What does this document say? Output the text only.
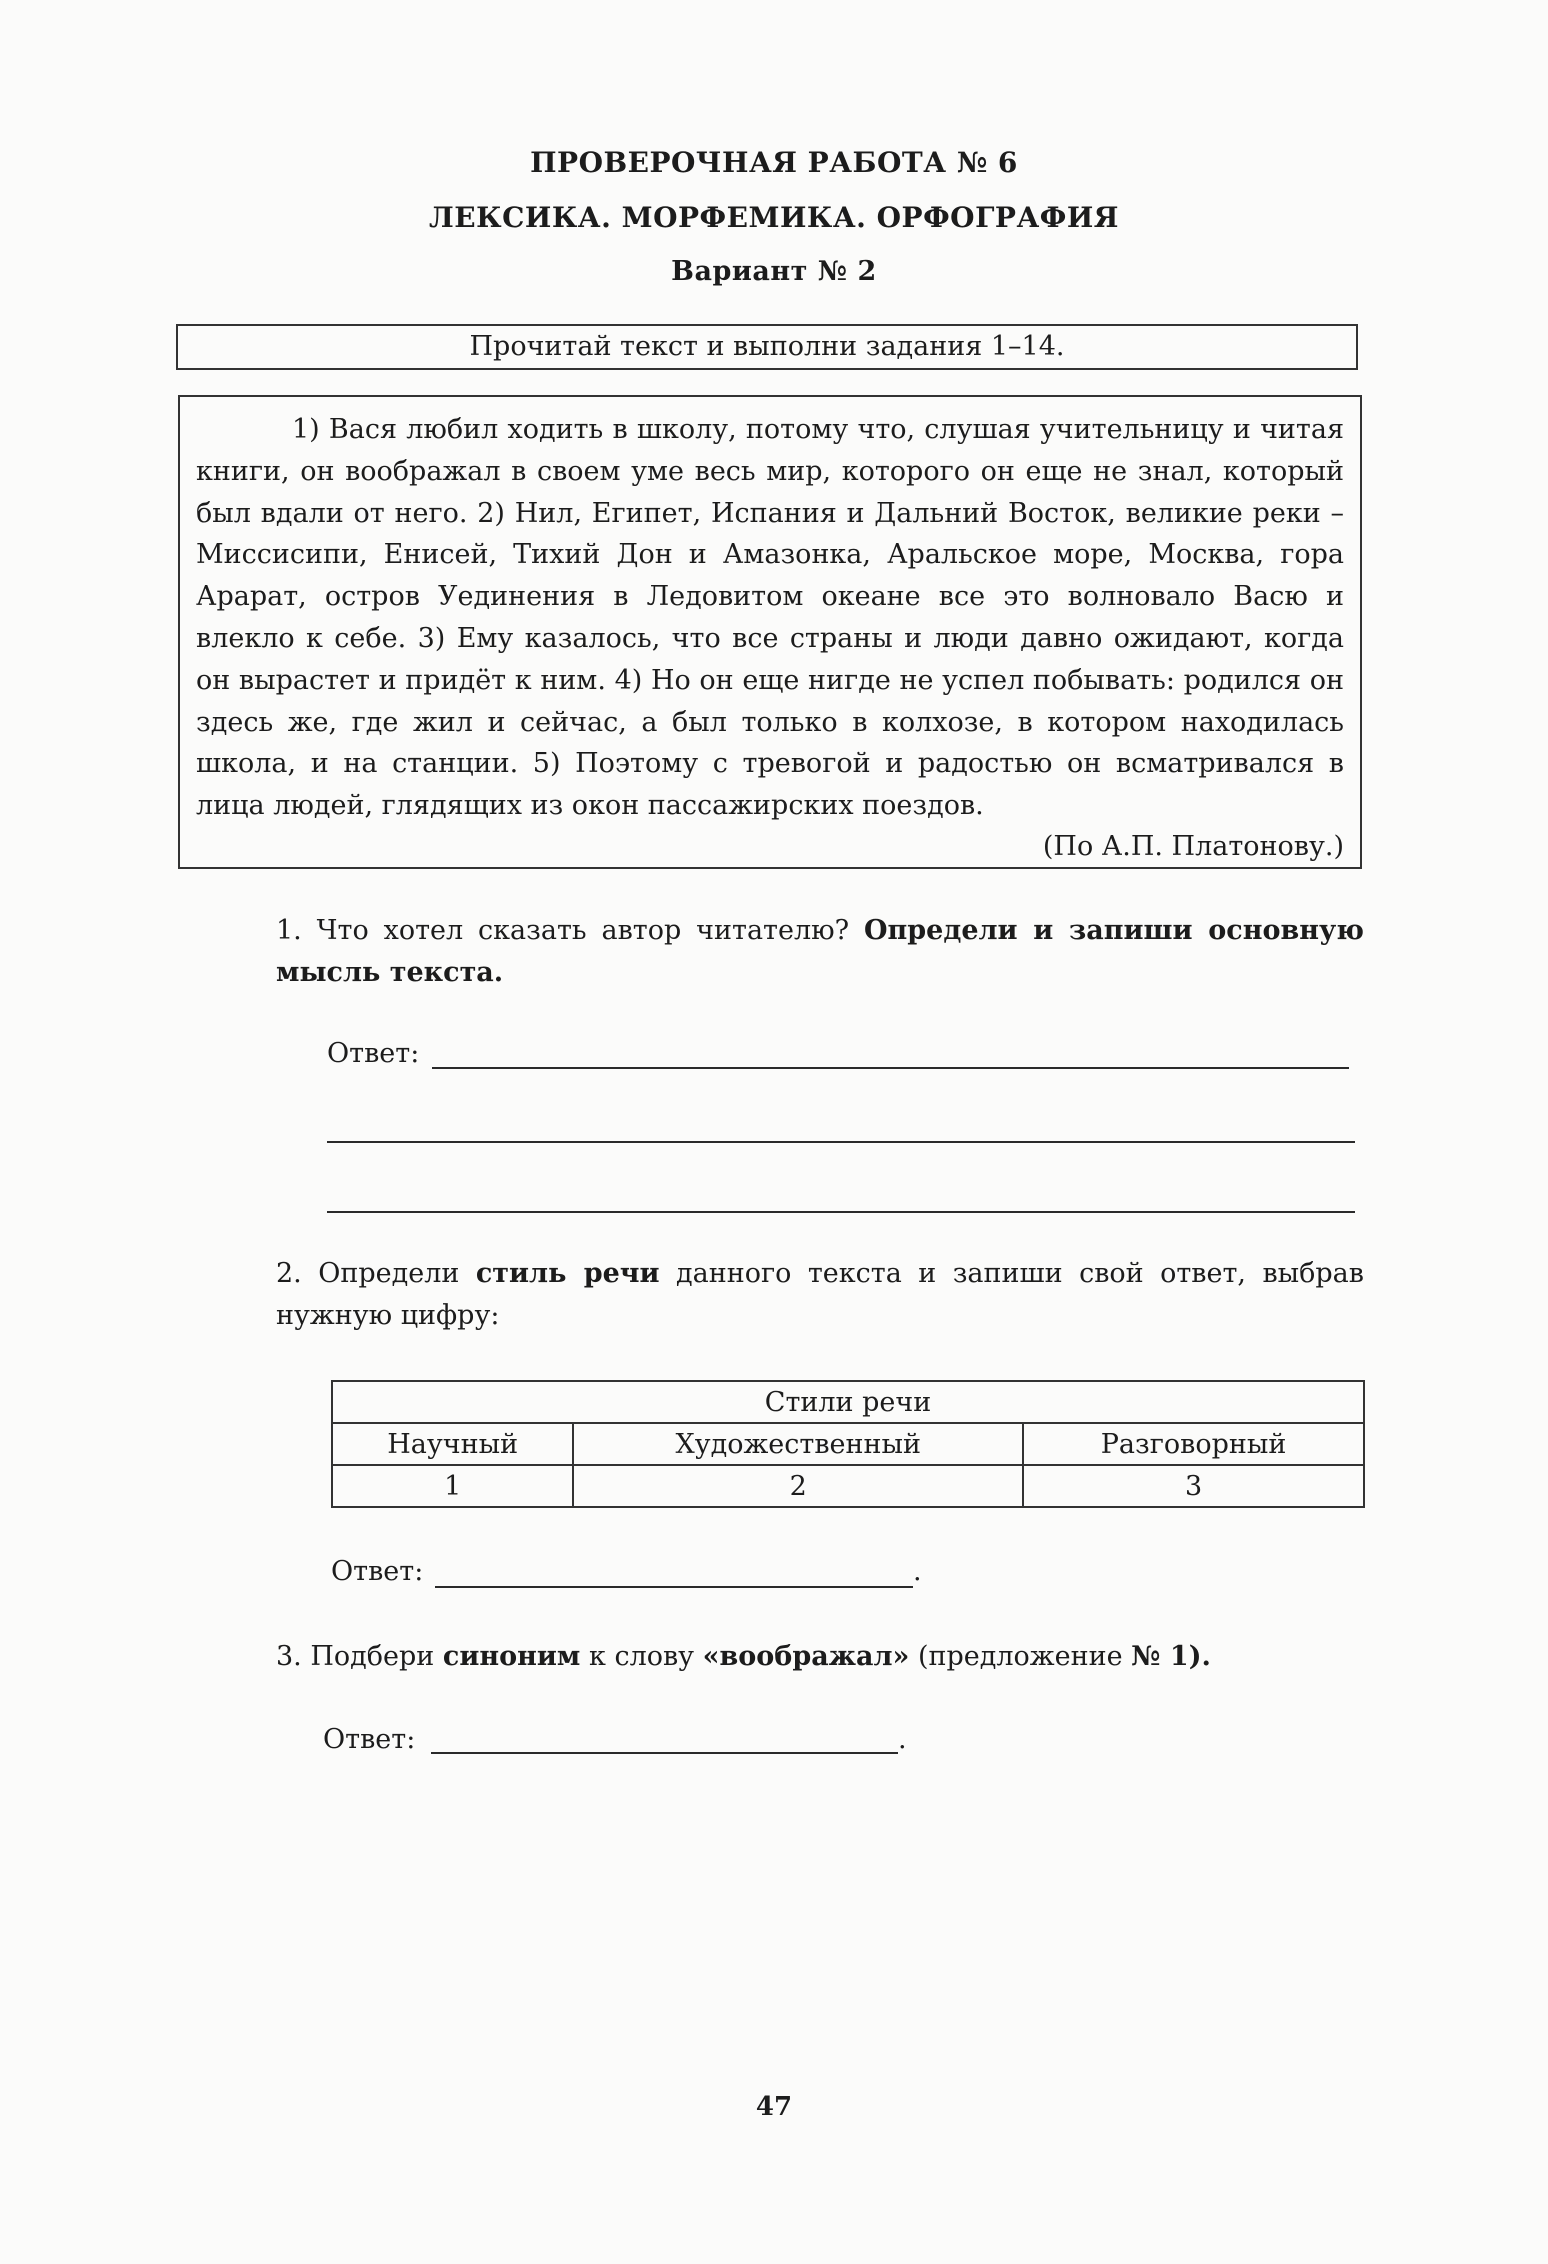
ПРОВЕРОЧНАЯ РАБОТА № 6
ЛЕКСИКА. МОРФЕМИКА. ОРФОГРАФИЯ
Вариант № 2
Прочитай текст и выполни задания 1–14.

1) Вася любил ходить в школу, потому что, слушая учительницу и читая книги, он воображал в своем уме весь мир, которого он еще не знал, который был вдали от него. 2) Нил, Египет, Испания и Дальний Восток, великие реки – Миссисипи, Енисей, Тихий Дон и Амазонка, Аральское море, Москва, гора Арарат, остров Уединения в Ледовитом океане все это волновало Васю и влекло к себе. 3) Ему казалось, что все страны и люди давно ожидают, когда он вырастет и придёт к ним. 4) Но он еще нигде не успел побывать: родился он здесь же, где жил и сейчас, а был только в колхозе, в котором находилась школа, и на станции. 5) Поэтому с тревогой и радостью он всматривался в лица людей, глядящих из окон пассажирских поездов.

(По А.П. Платонову.)

1. Что хотел сказать автор читателю? Определи и запиши основную мысль текста.
Ответ:
2. Определи стиль речи данного текста и запиши свой ответ, выбрав нужную цифру:
Стили речи		
Научный	Художественный	Разговорный
1	2	3
Ответ:	.
3. Подбери синоним к слову «воображал» (предложение № 1).
Ответ:	.
47
